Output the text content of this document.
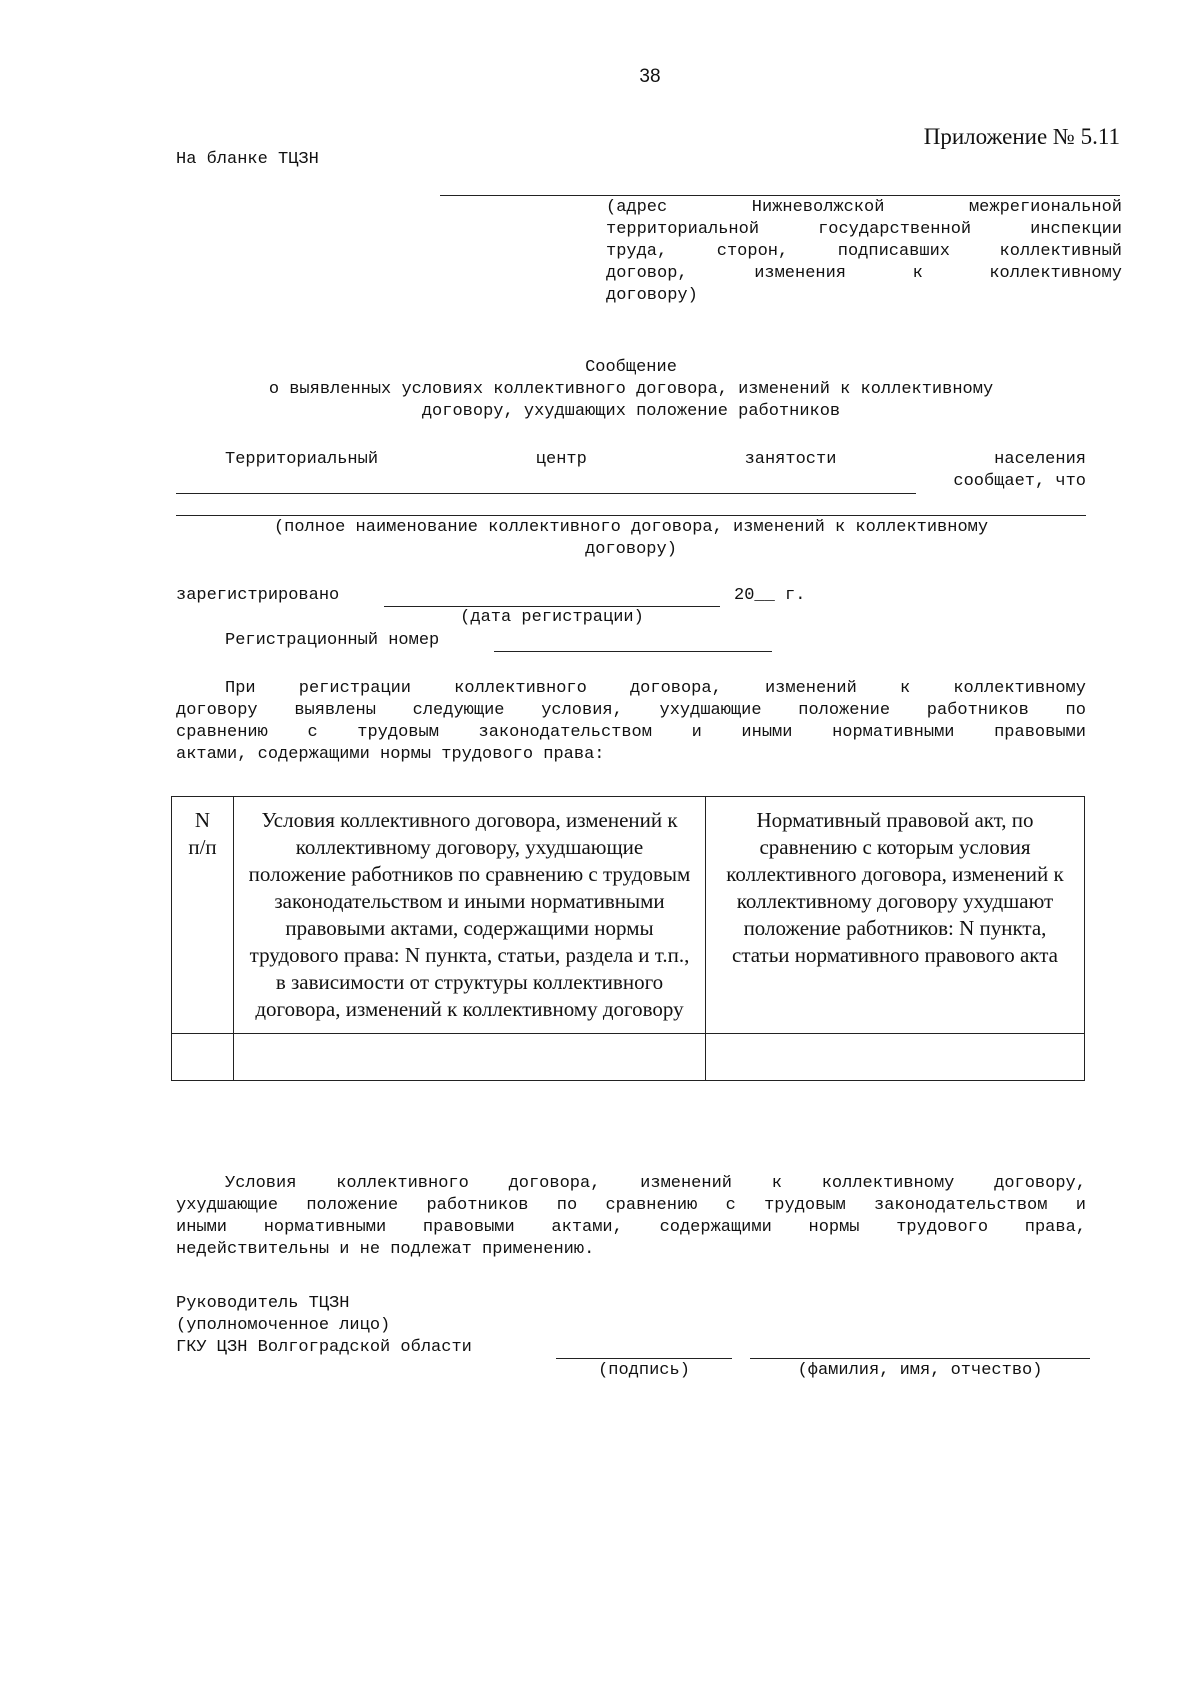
38
Приложение № 5.11
На бланке ТЦЗН
(адрес	Нижневолжской	межрегиональной
территориальной	государственной	инспекции
труда,	сторон,	подписавших	коллективный
договор,	изменения	к	коллективному
договору)
Сообщение
о выявленных условиях коллективного договора, изменений к коллективному
договору, ухудшающих положение работников
Территориальный	центр	занятости	населения
сообщает, что
(полное наименование коллективного договора, изменений к коллективному
договору)
зарегистрировано	20__ г.
(дата регистрации)
Регистрационный номер
При	регистрации	коллективного	договора,	изменений	к	коллективному
договору выявлены следующие условия, ухудшающие положение работников по
сравнению с трудовым законодательством и иными нормативными правовыми
актами, содержащими нормы трудового права:
N п/п	Условия коллективного договора, изменений к коллективному договору, ухудшающие положение работников по сравнению с трудовым законодательством и иными нормативными правовыми актами, содержащими нормы трудового права: N пункта, статьи, раздела и т.п., в зависимости от структуры коллективного договора, изменений к коллективному договору	Нормативный правовой акт, по сравнению с которым условия коллективного договора, изменений к коллективному договору ухудшают положение работников: N пункта, статьи нормативного правового акта

Условия коллективного договора, изменений к коллективному договору,
ухудшающие положение работников по сравнению с трудовым законодательством и
иными нормативными правовыми актами, содержащими нормы трудового права,
недействительны и не подлежат применению.
Руководитель ТЦЗН
(уполномоченное лицо)
ГКУ ЦЗН Волгоградской области
(подпись)	(фамилия, имя, отчество)
